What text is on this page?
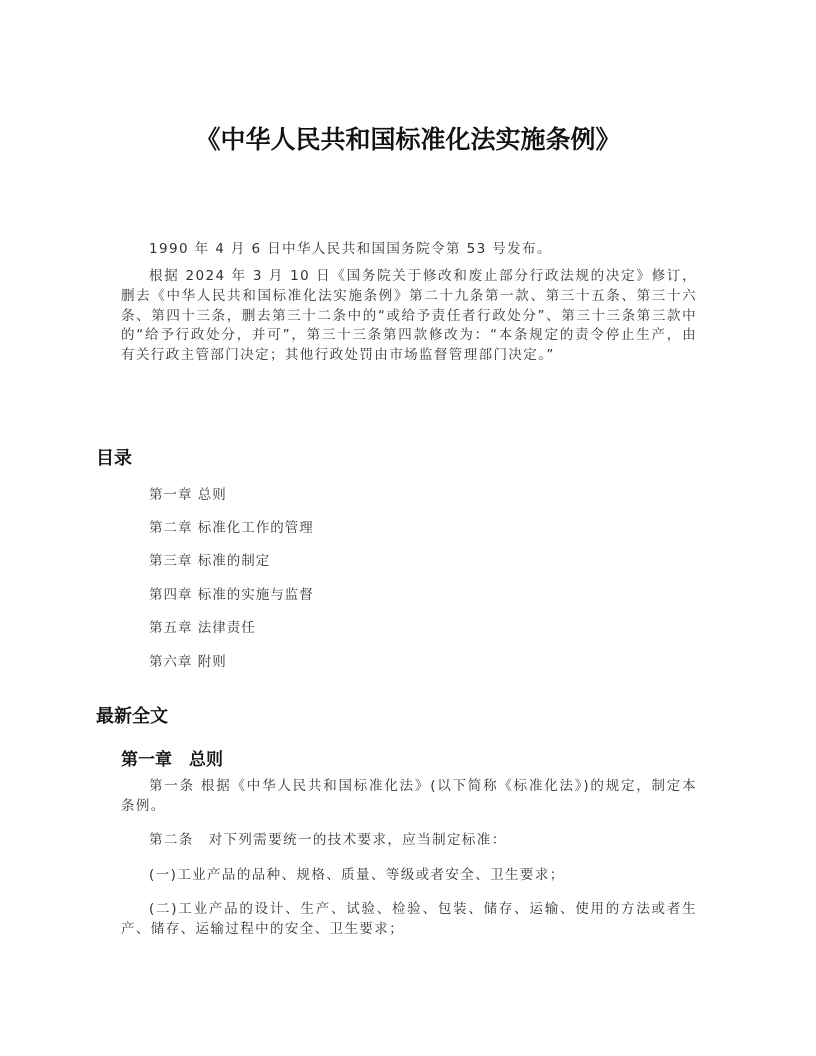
《中华人民共和国标准化法实施条例》
1990 年 4 月 6 日中华人民共和国国务院令第 53 号发布。
根据 2024 年 3 月 10 日《国务院关于修改和废止部分行政法规的决定》修订，删去《中华人民共和国标准化法实施条例》第二十九条第一款、第三十五条、第三十六条、第四十三条，删去第三十二条中的“或给予责任者行政处分”、第三十三条第三款中的“给予行政处分，并可”，第三十三条第四款修改为：“本条规定的责令停止生产，由有关行政主管部门决定；其他行政处罚由市场监督管理部门决定。”
目录
第一章 总则
第二章 标准化工作的管理
第三章 标准的制定
第四章 标准的实施与监督
第五章 法律责任
第六章 附则
最新全文
第一章　总则
第一条 根据《中华人民共和国标准化法》(以下简称《标准化法》)的规定，制定本条例。
第二条　对下列需要统一的技术要求，应当制定标准：
(一)工业产品的品种、规格、质量、等级或者安全、卫生要求；
(二)工业产品的设计、生产、试验、检验、包装、储存、运输、使用的方法或者生产、储存、运输过程中的安全、卫生要求；
